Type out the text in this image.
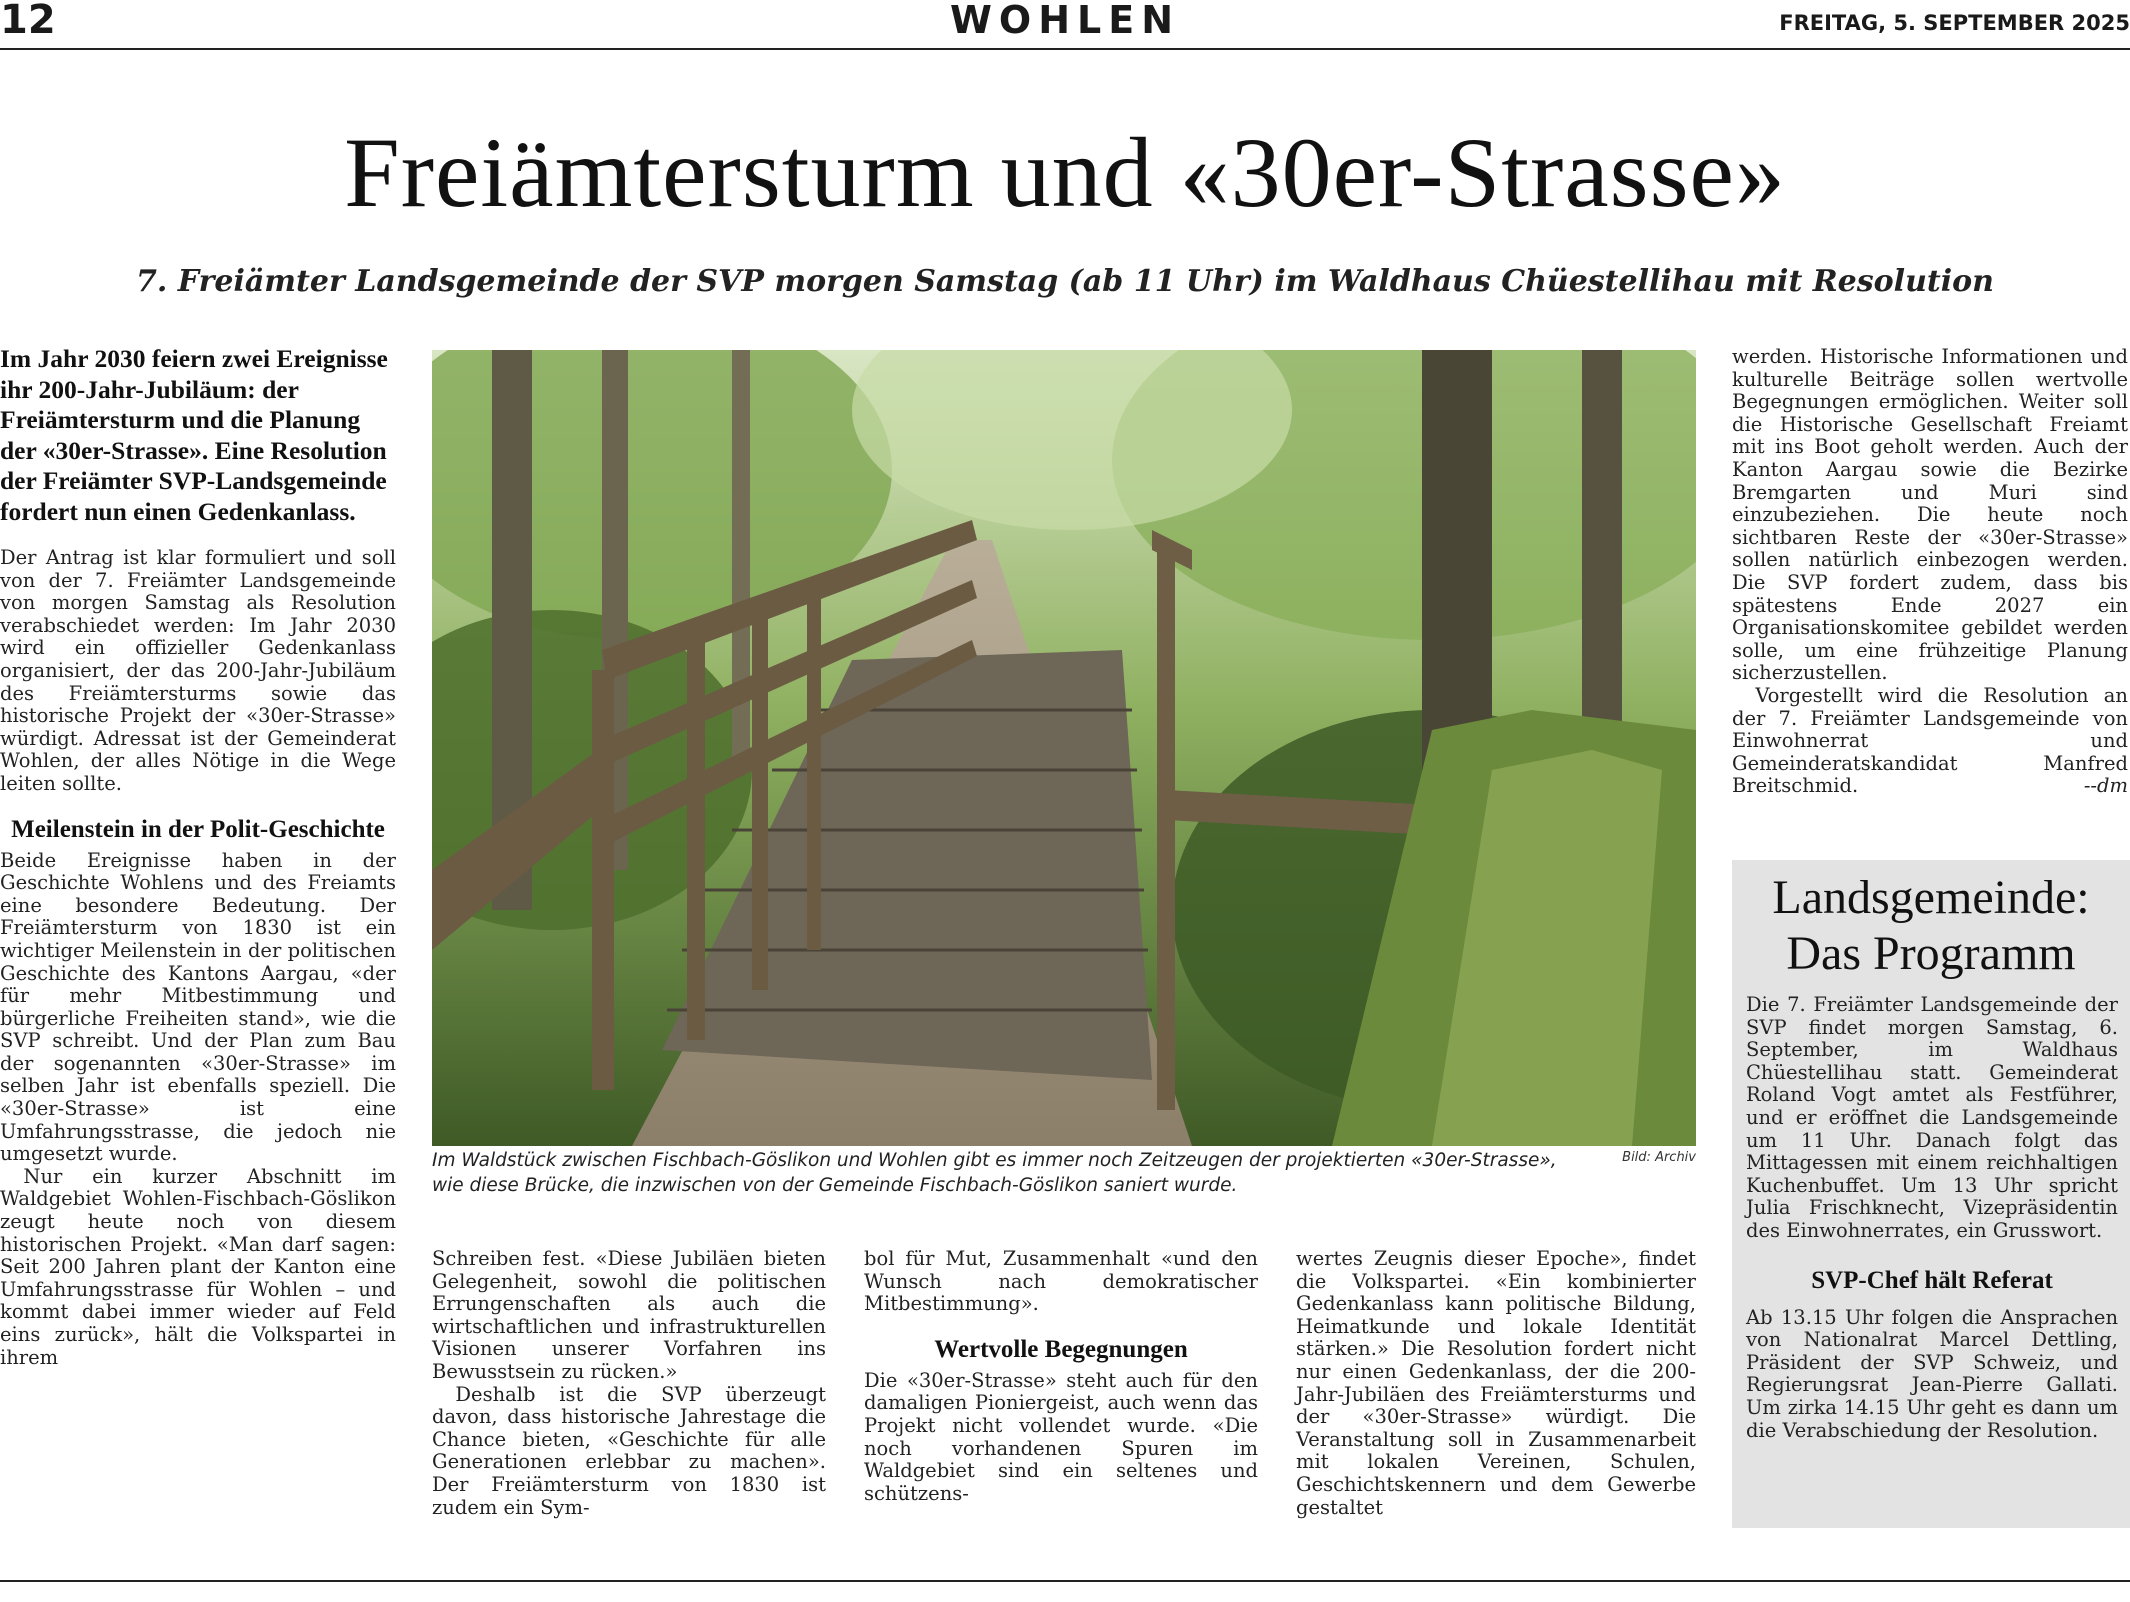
12	WOHLEN	FREITAG, 5. SEPTEMBER 2025
Freiämtersturm und «30er-Strasse»
7. Freiämter Landsgemeinde der SVP morgen Samstag (ab 11 Uhr) im Waldhaus Chüestellihau mit Resolution
Im Jahr 2030 feiern zwei Ereignisse ihr 200-Jahr-Jubiläum: der Freiämtersturm und die Planung der «30er-Strasse». Eine Resolution der Freiämter SVP-Landsgemeinde fordert nun einen Gedenkanlass.

Der Antrag ist klar formuliert und soll von der 7. Freiämter Landsgemeinde von morgen Samstag als Resolution verabschiedet werden: Im Jahr 2030 wird ein offizieller Gedenkanlass organisiert, der das 200-Jahr-Jubiläum des Freiämtersturms sowie das historische Projekt der «30er-Strasse» würdigt. Adressat ist der Gemeinderat Wohlen, der alles Nötige in die Wege leiten sollte.

Meilenstein in der Polit-Geschichte

Beide Ereignisse haben in der Geschichte Wohlens und des Freiamts eine besondere Bedeutung. Der Freiämtersturm von 1830 ist ein wichtiger Meilenstein in der politischen Geschichte des Kantons Aargau, «der für mehr Mitbestimmung und bürgerliche Freiheiten stand», wie die SVP schreibt. Und der Plan zum Bau der sogenannten «30er-Strasse» im selben Jahr ist ebenfalls speziell. Die «30er-Strasse» ist eine Umfahrungsstrasse, die jedoch nie umgesetzt wurde.

Nur ein kurzer Abschnitt im Waldgebiet Wohlen-Fischbach-Göslikon zeugt heute noch von diesem historischen Projekt. «Man darf sagen: Seit 200 Jahren plant der Kanton eine Umfahrungsstrasse für Wohlen – und kommt dabei immer wieder auf Feld eins zurück», hält die Volkspartei in ihrem

Im Waldstück zwischen Fischbach-Göslikon und Wohlen gibt es immer noch Zeitzeugen der projektierten «30er-Strasse», wie diese Brücke, die inzwischen von der Gemeinde Fischbach-Göslikon saniert wurde.
Bild: Archiv

Schreiben fest. «Diese Jubiläen bieten Gelegenheit, sowohl die politischen Errungenschaften als auch die wirtschaftlichen und infrastrukturellen Visionen unserer Vorfahren ins Bewusstsein zu rücken.»

Deshalb ist die SVP überzeugt davon, dass historische Jahrestage die Chance bieten, «Geschichte für alle Generationen erlebbar zu machen». Der Freiämtersturm von 1830 ist zudem ein Sym-

bol für Mut, Zusammenhalt «und den Wunsch nach demokratischer Mitbestimmung».

Wertvolle Begegnungen

Die «30er-Strasse» steht auch für den damaligen Pioniergeist, auch wenn das Projekt nicht vollendet wurde. «Die noch vorhandenen Spuren im Waldgebiet sind ein seltenes und schützens-

wertes Zeugnis dieser Epoche», findet die Volkspartei. «Ein kombinierter Gedenkanlass kann politische Bildung, Heimatkunde und lokale Identität stärken.» Die Resolution fordert nicht nur einen Gedenkanlass, der die 200-Jahr-Jubiläen des Freiämtersturms und der «30er-Strasse» würdigt. Die Veranstaltung soll in Zusammenarbeit mit lokalen Vereinen, Schulen, Geschichtskennern und dem Gewerbe gestaltet

werden. Historische Informationen und kulturelle Beiträge sollen wertvolle Begegnungen ermöglichen. Weiter soll die Historische Gesellschaft Freiamt mit ins Boot geholt werden. Auch der Kanton Aargau sowie die Bezirke Bremgarten und Muri sind einzubeziehen. Die heute noch sichtbaren Reste der «30er-Strasse» sollen natürlich einbezogen werden. Die SVP fordert zudem, dass bis spätestens Ende 2027 ein Organisationskomitee gebildet werden solle, um eine frühzeitige Planung sicherzustellen.

Vorgestellt wird die Resolution an der 7. Freiämter Landsgemeinde von Einwohnerrat und Gemeinderatskandidat Manfred Breitschmid.	--dm

Die 7. Freiämter Landsgemeinde der SVP findet morgen Samstag, 6. September, im Waldhaus Chüestellihau statt. Gemeinderat Roland Vogt amtet als Festführer, und er eröffnet die Landsgemeinde um 11 Uhr. Danach folgt das Mittagessen mit einem reichhaltigen Kuchenbuffet. Um 13 Uhr spricht Julia Frischknecht, Vizepräsidentin des Einwohnerrates, ein Grusswort.

SVP-Chef hält Referat

Ab 13.15 Uhr folgen die Ansprachen von Nationalrat Marcel Dettling, Präsident der SVP Schweiz, und Regierungsrat Jean-Pierre Gallati. Um zirka 14.15 Uhr geht es dann um die Verabschiedung der Resolution.

Landsgemeinde: Das Programm
